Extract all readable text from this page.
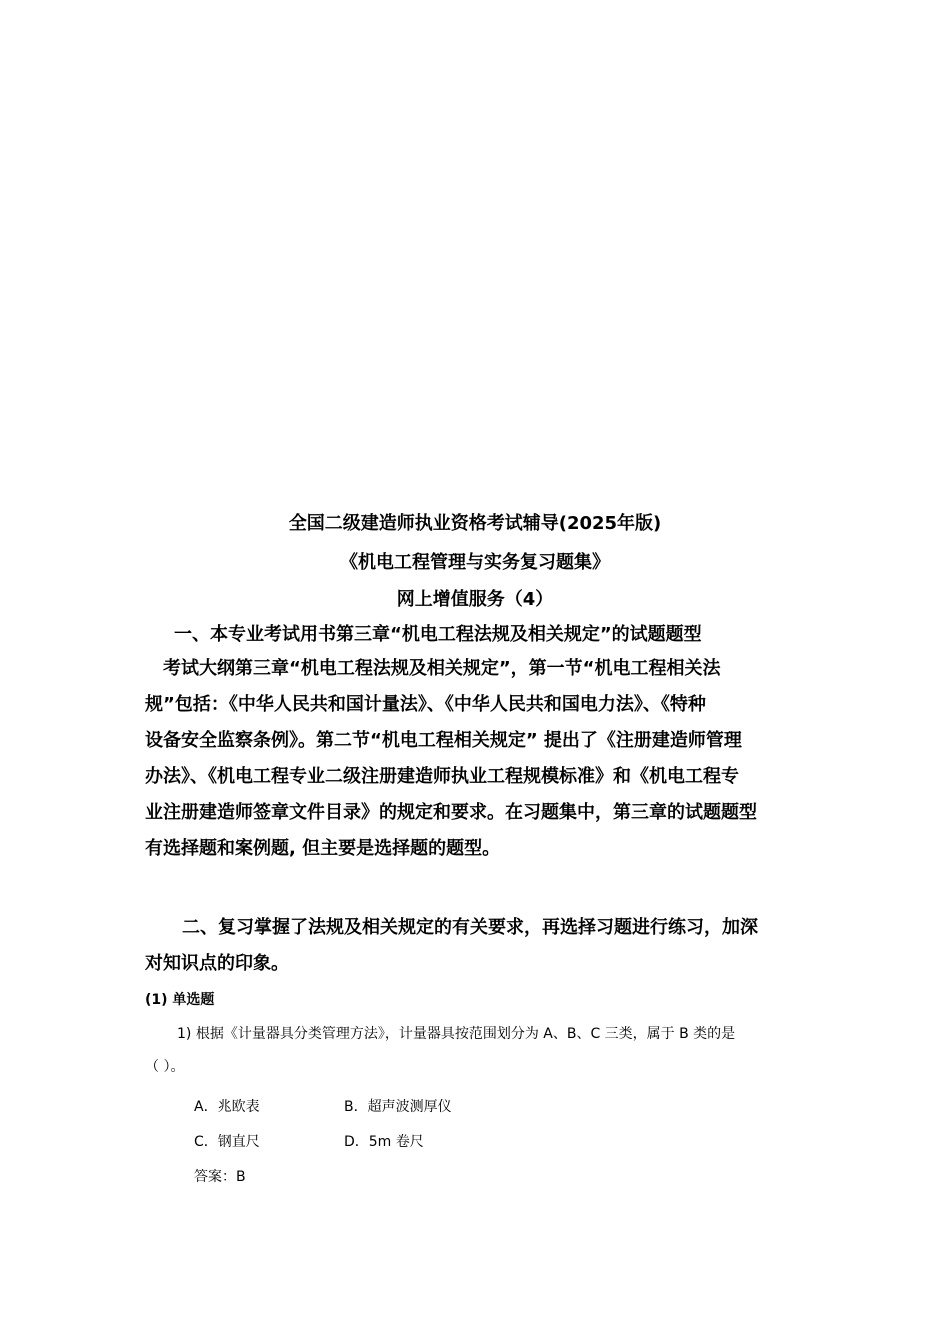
全国二级建造师执业资格考试辅导(2025年版)
《机电工程管理与实务复习题集》
网上增值服务（4）
一、本专业考试用书第三章“机电工程法规及相关规定”的试题题型
考试大纲第三章“机电工程法规及相关规定”，第一节“机电工程相关法
规”包括：《中华人民共和国计量法》、《中华人民共和国电力法》、《特种
设备安全监察条例》。第二节“机电工程相关规定” 提出了《注册建造师管理
办法》、《机电工程专业二级注册建造师执业工程规模标准》和《机电工程专
业注册建造师签章文件目录》的规定和要求。在习题集中，第三章的试题题型
有选择题和案例题, 但主要是选择题的题型。
二、复习掌握了法规及相关规定的有关要求，再选择习题进行练习，加深
对知识点的印象。
(1) 单选题
1) 根据《计量器具分类管理方法》，计量器具按范围划分为 A、B、C 三类，属于 B 类的是
（ ）。
A．兆欧表	B．超声波测厚仪
C．钢直尺	D．5m 卷尺
答案：B
